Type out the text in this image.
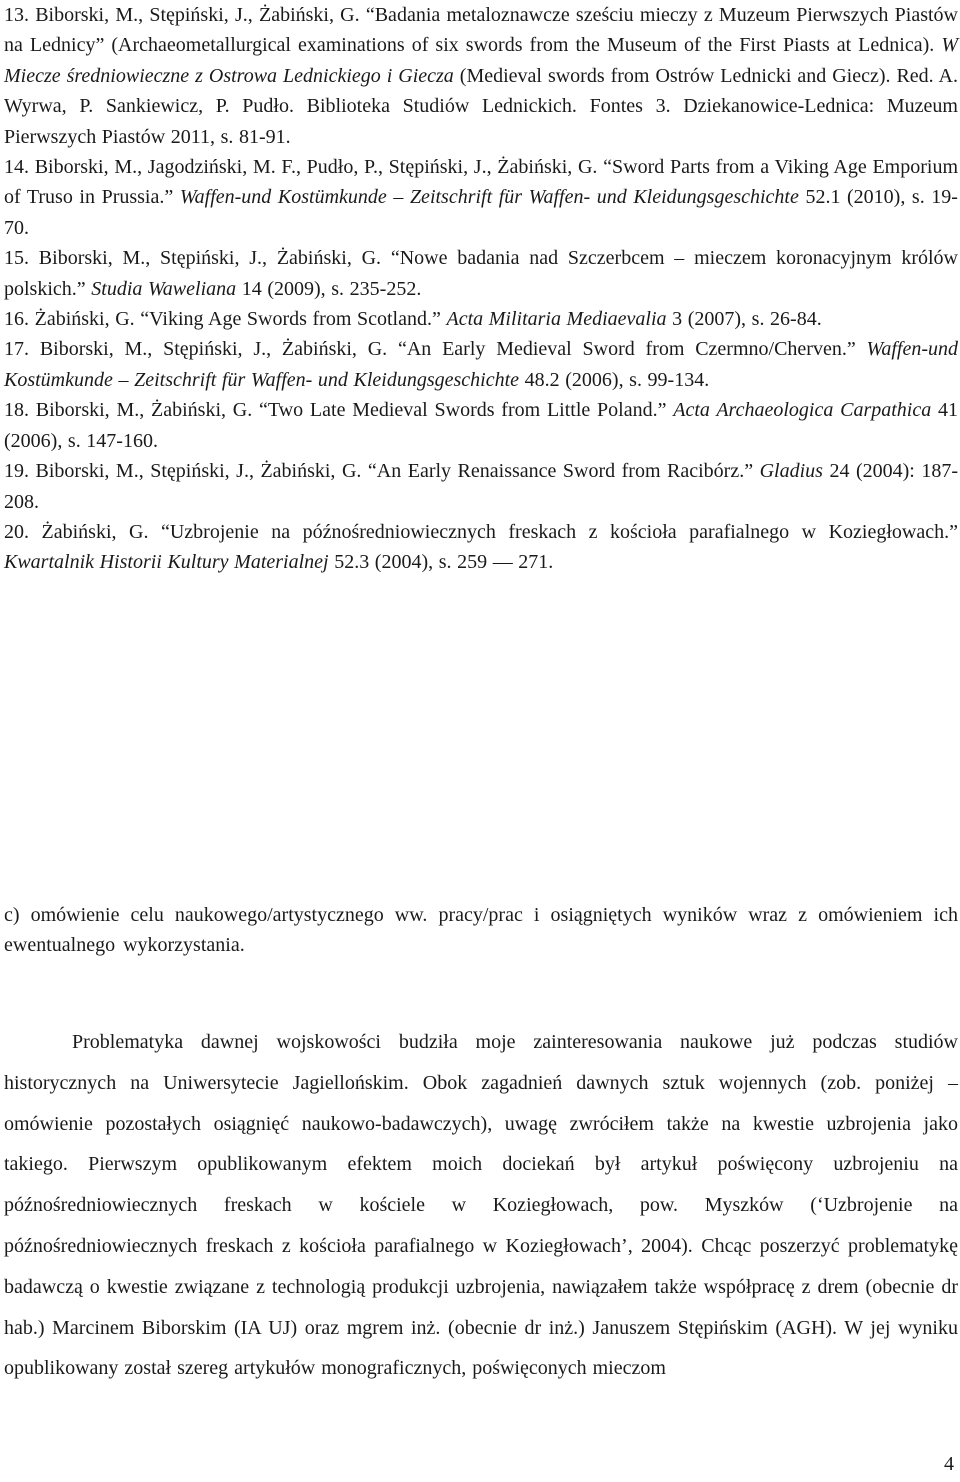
13. Biborski, M., Stępiński, J., Żabiński, G. “Badania metaloznawcze sześciu mieczy z Muzeum Pierwszych Piastów na Lednicy” (Archaeometallurgical examinations of six swords from the Museum of the First Piasts at Lednica). W Miecze średniowieczne z Ostrowa Lednickiego i Giecza (Medieval swords from Ostrów Lednicki and Giecz). Red. A. Wyrwa, P. Sankiewicz, P. Pudło. Biblioteka Studiów Lednickich. Fontes 3. Dziekanowice-Lednica: Muzeum Pierwszych Piastów 2011, s. 81-91.

14. Biborski, M., Jagodziński, M. F., Pudło, P., Stępiński, J., Żabiński, G. “Sword Parts from a Viking Age Emporium of Truso in Prussia.” Waffen-und Kostümkunde – Zeitschrift für Waffen- und Kleidungsgeschichte 52.1 (2010), s. 19-70.

15. Biborski, M., Stępiński, J., Żabiński, G. “Nowe badania nad Szczerbcem – mieczem koronacyjnym królów polskich.” Studia Waweliana 14 (2009), s. 235-252.

16. Żabiński, G. “Viking Age Swords from Scotland.” Acta Militaria Mediaevalia 3 (2007), s. 26-84.

17. Biborski, M., Stępiński, J., Żabiński, G. “An Early Medieval Sword from Czermno/Cherven.” Waffen-und Kostümkunde – Zeitschrift für Waffen- und Kleidungsgeschichte 48.2 (2006), s. 99-134.

18. Biborski, M., Żabiński, G. “Two Late Medieval Swords from Little Poland.” Acta Archaeologica Carpathica 41 (2006), s. 147-160.

19. Biborski, M., Stępiński, J., Żabiński, G. “An Early Renaissance Sword from Racibórz.” Gladius 24 (2004): 187-208.

20. Żabiński, G. “Uzbrojenie na późnośredniowiecznych freskach z kościoła parafialnego w Koziegłowach.” Kwartalnik Historii Kultury Materialnej 52.3 (2004), s. 259 — 271.

c) omówienie celu naukowego/artystycznego ww. pracy/prac i osiągniętych wyników wraz z omówieniem ich ewentualnego wykorzystania.

Problematyka dawnej wojskowości budziła moje zainteresowania naukowe już podczas studiów historycznych na Uniwersytecie Jagiellońskim. Obok zagadnień dawnych sztuk wojennych (zob. poniżej – omówienie pozostałych osiągnięć naukowo-badawczych), uwagę zwróciłem także na kwestie uzbrojenia jako takiego. Pierwszym opublikowanym efektem moich dociekań był artykuł poświęcony uzbrojeniu na późnośredniowiecznych freskach w kościele w Koziegłowach, pow. Myszków (‘Uzbrojenie na późnośredniowiecznych freskach z kościoła parafialnego w Koziegłowach’, 2004). Chcąc poszerzyć problematykę badawczą o kwestie związane z technologią produkcji uzbrojenia, nawiązałem także współpracę z drem (obecnie dr hab.) Marcinem Biborskim (IA UJ) oraz mgrem inż. (obecnie dr inż.) Januszem Stępińskim (AGH). W jej wyniku opublikowany został szereg artykułów monograficznych, poświęconych mieczom

4
